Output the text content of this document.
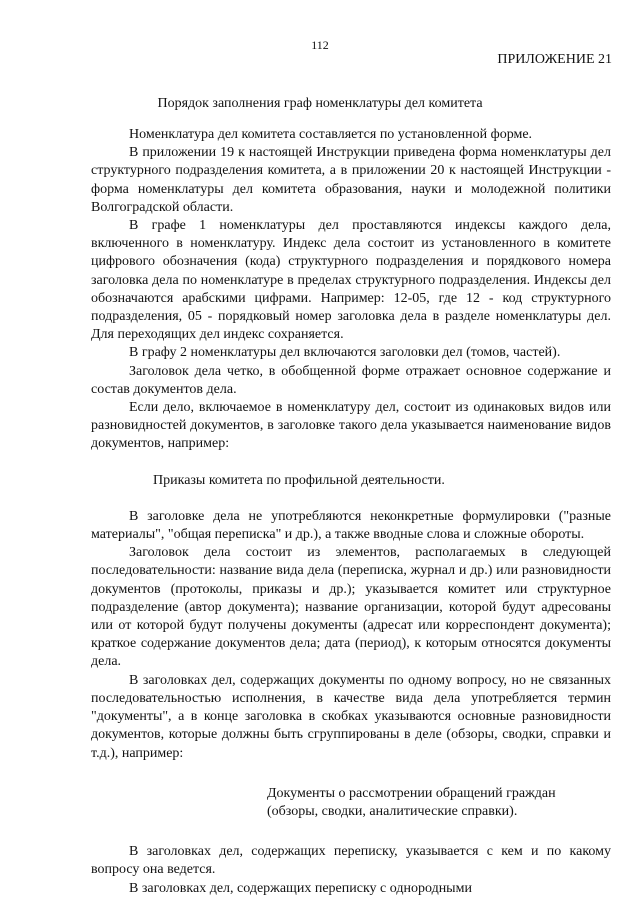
112
ПРИЛОЖЕНИЕ 21
Порядок заполнения граф номенклатуры дел комитета

Номенклатура дел комитета составляется по установленной форме.

В приложении 19 к настоящей Инструкции приведена форма номенклатуры дел структурного подразделения комитета, а в приложении 20 к настоящей Инструкции - форма номенклатуры дел комитета образования, науки и молодежной политики Волгоградской области.

В графе 1 номенклатуры дел проставляются индексы каждого дела, включенного в номенклатуру. Индекс дела состоит из установленного в комитете цифрового обозначения (кода) структурного подразделения и порядкового номера заголовка дела по номенклатуре в пределах структурного подразделения. Индексы дел обозначаются арабскими цифрами. Например: 12-05, где 12 - код структурного подразделения, 05 - порядковый номер заголовка дела в разделе номенклатуры дел. Для переходящих дел индекс сохраняется.

В графу 2 номенклатуры дел включаются заголовки дел (томов, частей).

Заголовок дела четко, в обобщенной форме отражает основное содержание и состав документов дела.

Если дело, включаемое в номенклатуру дел, состоит из одинаковых видов или разновидностей документов, в заголовке такого дела указывается наименование видов документов, например:

Приказы комитета по профильной деятельности.

В заголовке дела не употребляются неконкретные формулировки ("разные материалы", "общая переписка" и др.), а также вводные слова и сложные обороты.

Заголовок дела состоит из элементов, располагаемых в следующей последовательности: название вида дела (переписка, журнал и др.) или разновидности документов (протоколы, приказы и др.); указывается комитет или структурное подразделение (автор документа); название организации, которой будут адресованы или от которой будут получены документы (адресат или корреспондент документа); краткое содержание документов дела; дата (период), к которым относятся документы дела.

В заголовках дел, содержащих документы по одному вопросу, но не связанных последовательностью исполнения, в качестве вида дела употребляется термин "документы", а в конце заголовка в скобках указываются основные разновидности документов, которые должны быть сгруппированы в деле (обзоры, сводки, справки и т.д.), например:

Документы о рассмотрении обращений граждан
(обзоры, сводки, аналитические справки).

В заголовках дел, содержащих переписку, указывается с кем и по какому вопросу она ведется.

В заголовках дел, содержащих переписку с однородными
